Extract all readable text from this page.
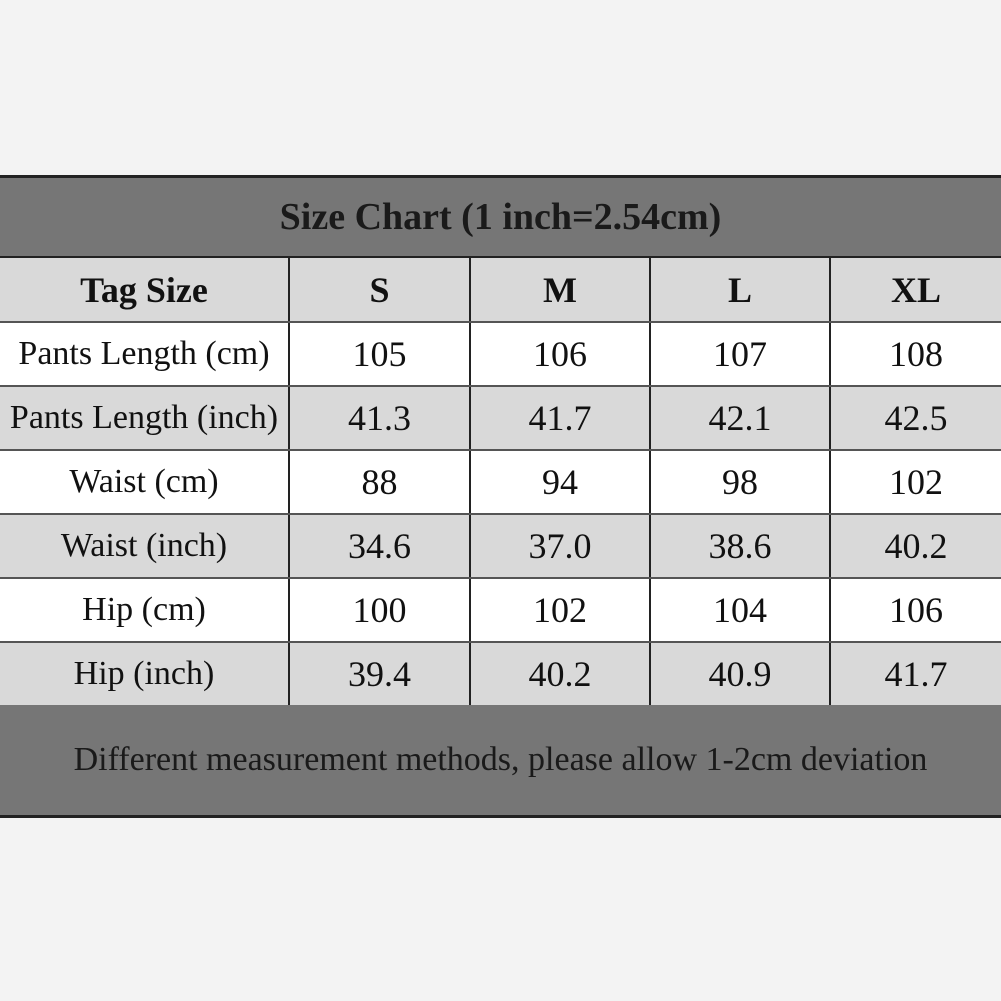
Size Chart (1 inch=2.54cm)
Tag Size	S	M	L	XL
Pants Length (cm)	105	106	107	108
Pants Length (inch)	41.3	41.7	42.1	42.5
Waist (cm)	88	94	98	102
Waist (inch)	34.6	37.0	38.6	40.2
Hip (cm)	100	102	104	106
Hip (inch)	39.4	40.2	40.9	41.7
Different measurement methods, please allow 1-2cm deviation
